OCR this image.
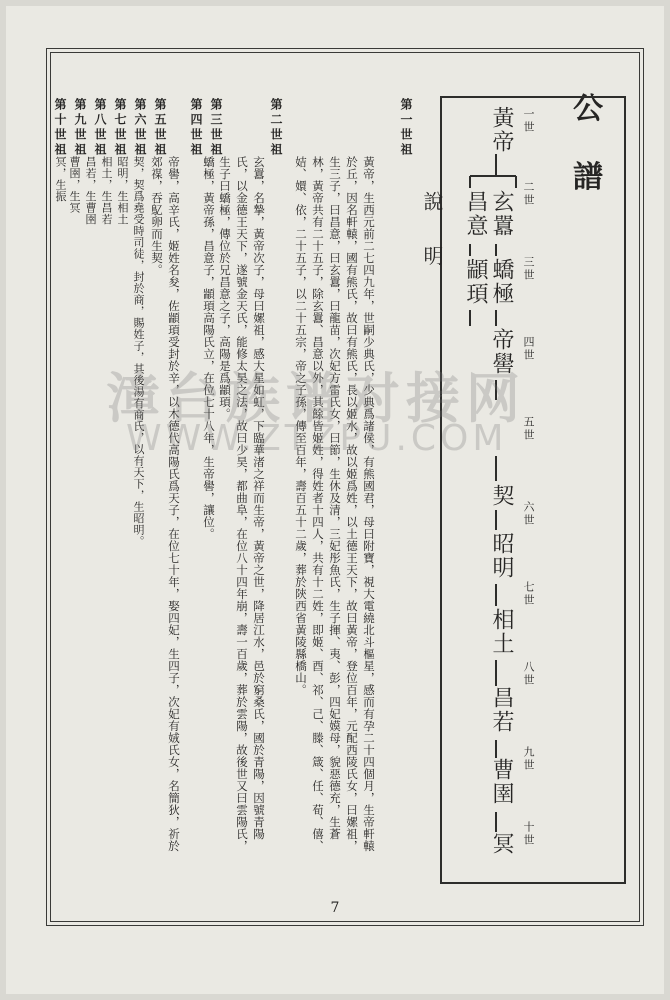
公 譜
一世
二世
三世
四世
五世
六世
七世
八世
九世
十世
黃帝
玄囂
昌意
蟜極
顓頊
帝嚳
契
昭明
相土
昌若
曹圉
冥
說 明
第一世祖
黃帝，生西元前二七四九年，世嗣少典氏，少典爲諸侯，有熊國君，母曰附寶，視大電繞北斗樞星，感而有孕二十四個月，生帝軒轅於丘，因名軒轅，國有熊氏，故曰有熊氏，長以姬水，故以姬爲姓，以土德王天下，故曰黃帝，登位百年，元配西陵氏女，曰嫘祖，生三子，曰昌意，曰玄囂，曰龍苗，次妃方雷氏女，曰節，生休及清，三妃彤魚氏，生子揮、夷、彭，四妃嫫母，貌惡德充，生蒼林，黃帝共有二十五子，除玄囂、昌意以外，其餘皆姬姓，得姓者十四人，共有十二姓，即姬、酉、祁、己、滕、箴、任、荀、僖、姞、嬛、依，二十五子，以二十五宗，帝之子孫，傳至百年，壽百五十二歲，葬於陝西省黃陵縣橋山。
第二世祖
玄囂，名摯，黃帝次子，母曰嫘祖，感大星如虹，下臨華渚之祥而生帝，黃帝之世，降居江水，邑於窮桑氏，國於青陽，因號青陽氏，以金德王天下，遂號金天氏，能修太昊之法，故曰少昊，都曲阜，在位八十四年崩，壽一百歲，葬於雲陽，故後世又曰雲陽氏，生子曰蟜極，傳位於兄昌意之子，高陽是爲顓頊。
第三世祖
第四世祖
帝嚳，高辛氏，姬姓名夋，佐顓頊受封於辛，以木德代高陽氏爲天子，在位七十年，娶四妃，生四子，次妃有娀氏女，名簡狄，祈於郊禖，吞鳦卵而生契。	蟜極，黃帝孫，昌意子，顓頊高陽氏立，在位七十八年，生帝嚳，讓位。
第五世祖
契，契爲堯受時司徒，封於商，賜姓子，其後湯有商氏，以有天下，生昭明。
第六世祖
昭明，生相土
第七世祖
相土，生昌若
第八世祖
昌若，生曹圉
第九世祖
曹圉，生冥
第十世祖
冥，生振
漳台族谱对接网
WWW.ZTZPU.COM
7
